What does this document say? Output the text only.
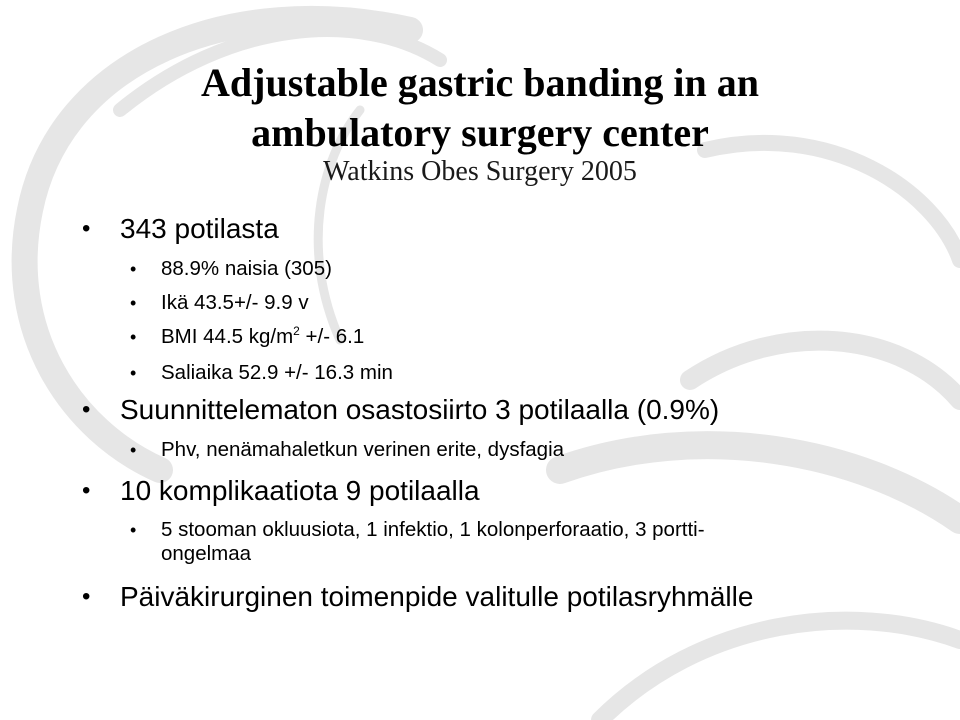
Adjustable gastric banding in an
ambulatory surgery center
Watkins Obes Surgery 2005
• 343 potilasta
• 88.9% naisia (305)
• Ikä 43.5+/- 9.9 v
• BMI 44.5 $kg/m^2$ +/- 6.1
• Saliaika 52.9 +/- 16.3 min
• Suunnittelematon osastosiirto 3 potilaalla (0.9%)
• Phv, nenämahaletkun verinen erite, dysfagia
• 10 komplikaatiota 9 potilaalla
• 5 stooman okluusiota, 1 infektio, 1 kolonperforaatio, 3 portti-
ongelmaa
• Päiväkirurginen toimenpide valitulle potilasryhmälle
